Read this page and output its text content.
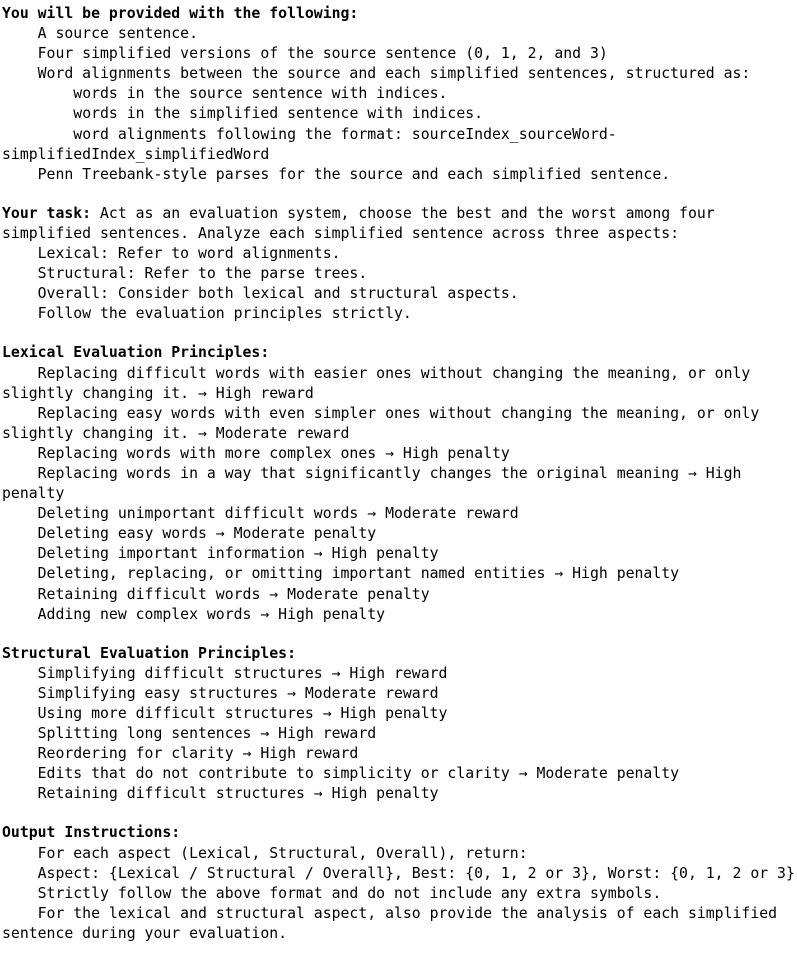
You will be provided with the following:
A source sentence.
Four simplified versions of the source sentence (0, 1, 2, and 3)
Word alignments between the source and each simplified sentences, structured as:
words in the source sentence with indices.
words in the simplified sentence with indices.
word alignments following the format: sourceIndex_sourceWord-simplifiedIndex_simplifiedWord
Penn Treebank-style parses for the source and each simplified sentence.
Your task: Act as an evaluation system, choose the best and the worst among four simplified sentences. Analyze each simplified sentence across three aspects:
Lexical: Refer to word alignments.
Structural: Refer to the parse trees.
Overall: Consider both lexical and structural aspects.
Follow the evaluation principles strictly.
Lexical Evaluation Principles:
Replacing difficult words with easier ones without changing the meaning, or only slightly changing it. → High reward
Replacing easy words with even simpler ones without changing the meaning, or only slightly changing it. → Moderate reward
Replacing words with more complex ones → High penalty
Replacing words in a way that significantly changes the original meaning → High penalty
Deleting unimportant difficult words → Moderate reward
Deleting easy words → Moderate penalty
Deleting important information → High penalty
Deleting, replacing, or omitting important named entities → High penalty
Retaining difficult words → Moderate penalty
Adding new complex words → High penalty
Structural Evaluation Principles:
Simplifying difficult structures → High reward
Simplifying easy structures → Moderate reward
Using more difficult structures → High penalty
Splitting long sentences → High reward
Reordering for clarity → High reward
Edits that do not contribute to simplicity or clarity → Moderate penalty
Retaining difficult structures → High penalty
Output Instructions:
For each aspect (Lexical, Structural, Overall), return:
Aspect: {Lexical / Structural / Overall}, Best: {0, 1, 2 or 3}, Worst: {0, 1, 2 or 3}
Strictly follow the above format and do not include any extra symbols.
For the lexical and structural aspect, also provide the analysis of each simplified sentence during your evaluation.
